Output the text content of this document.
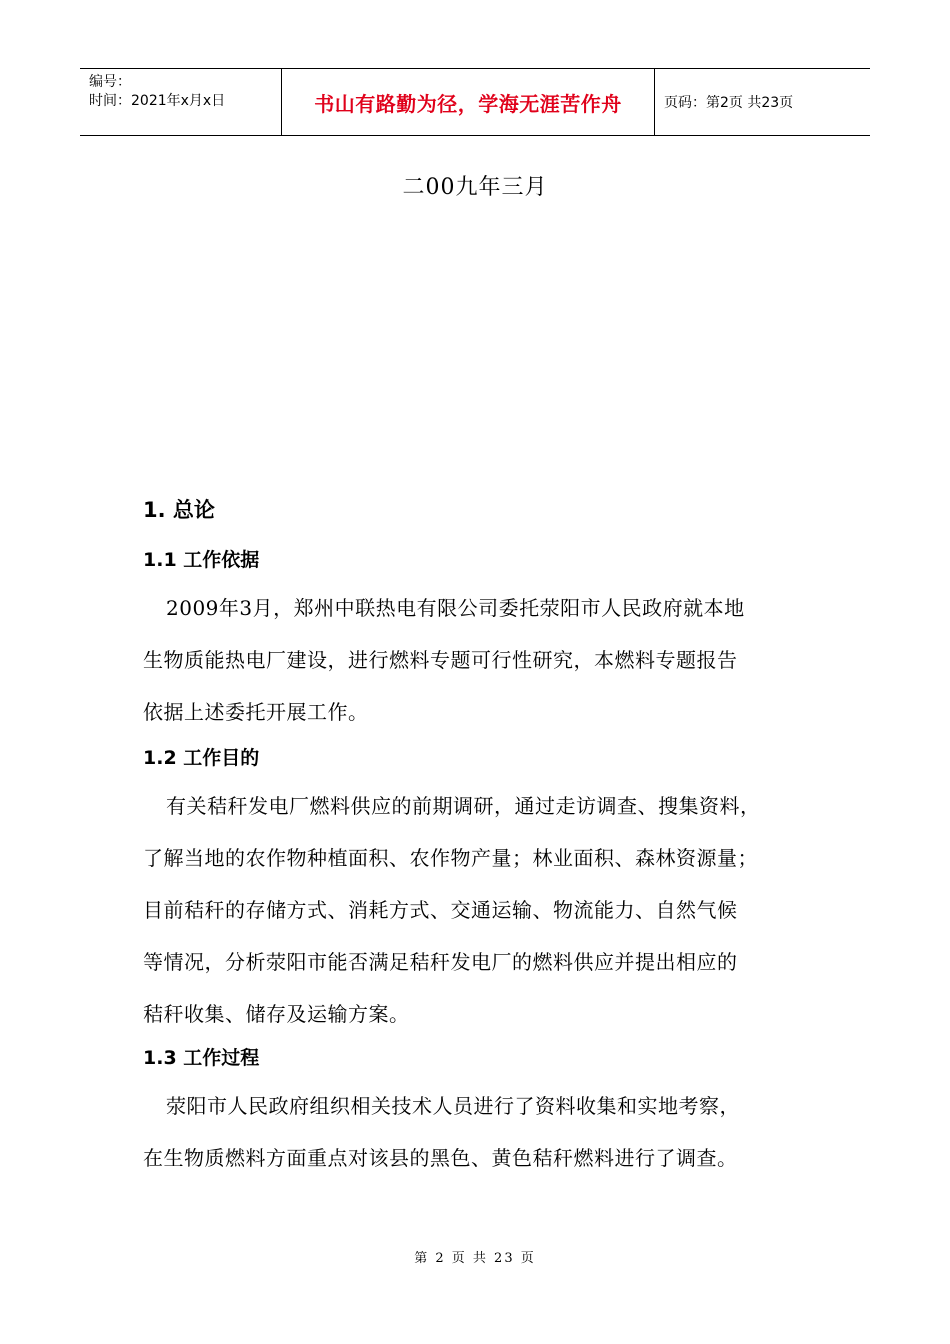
编号：
时间：2021年x月x日	书山有路勤为径，学海无涯苦作舟	页码：第2页 共23页
二00九年三月
1. 总论
1.1 工作依据
2009年3月，郑州中联热电有限公司委托荥阳市人民政府就本地
生物质能热电厂建设，进行燃料专题可行性研究，本燃料专题报告
依据上述委托开展工作。
1.2 工作目的
有关秸秆发电厂燃料供应的前期调研，通过走访调查、搜集资料，
了解当地的农作物种植面积、农作物产量；林业面积、森林资源量；
目前秸秆的存储方式、消耗方式、交通运输、物流能力、自然气候
等情况，分析荥阳市能否满足秸秆发电厂的燃料供应并提出相应的
秸秆收集、储存及运输方案。
1.3 工作过程
荥阳市人民政府组织相关技术人员进行了资料收集和实地考察，
在生物质燃料方面重点对该县的黑色、黄色秸秆燃料进行了调查。
第 2 页 共 23 页
